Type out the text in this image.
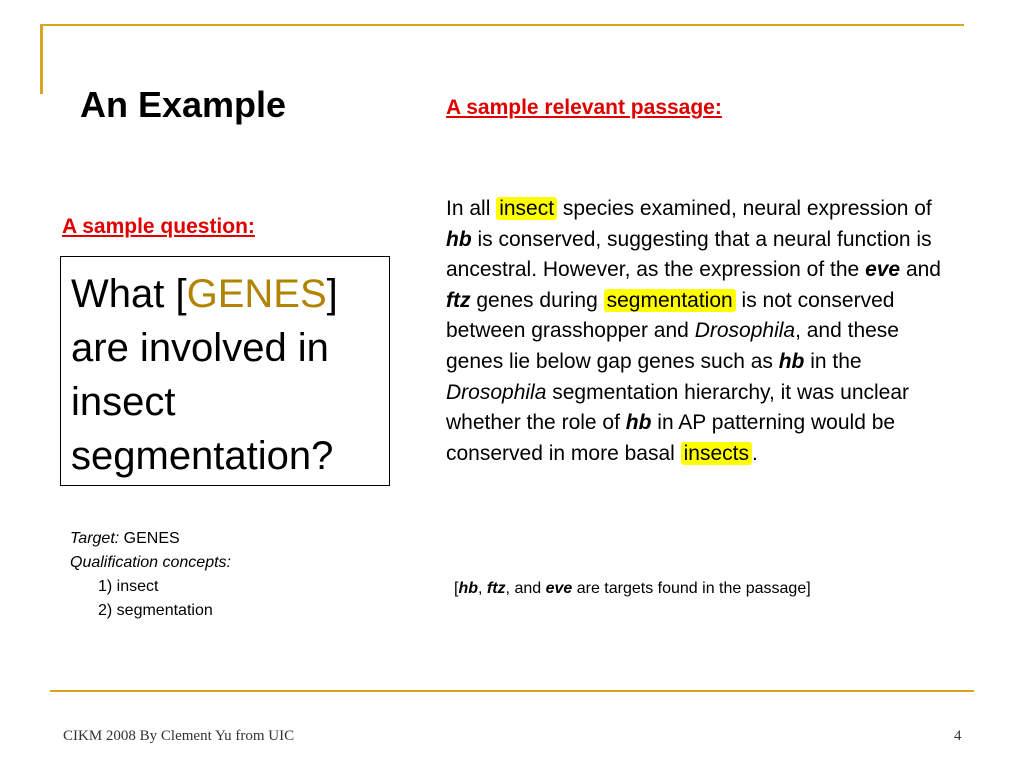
An Example	A sample relevant passage:
A sample question:
What [GENES]
are involved in
insect
segmentation?
Target: GENES
Qualification concepts:
1) insect
2) segmentation
In all insect species examined, neural expression of hb is conserved, suggesting that a neural function is ancestral. However, as the expression of the eve and ftz genes during segmentation is not conserved between grasshopper and Drosophila, and these genes lie below gap genes such as hb in the Drosophila segmentation hierarchy, it was unclear whether the role of hb in AP patterning would be conserved in more basal insects .
[hb, ftz, and eve are targets found in the passage]
CIKM 2008 By Clement Yu from UIC	4
